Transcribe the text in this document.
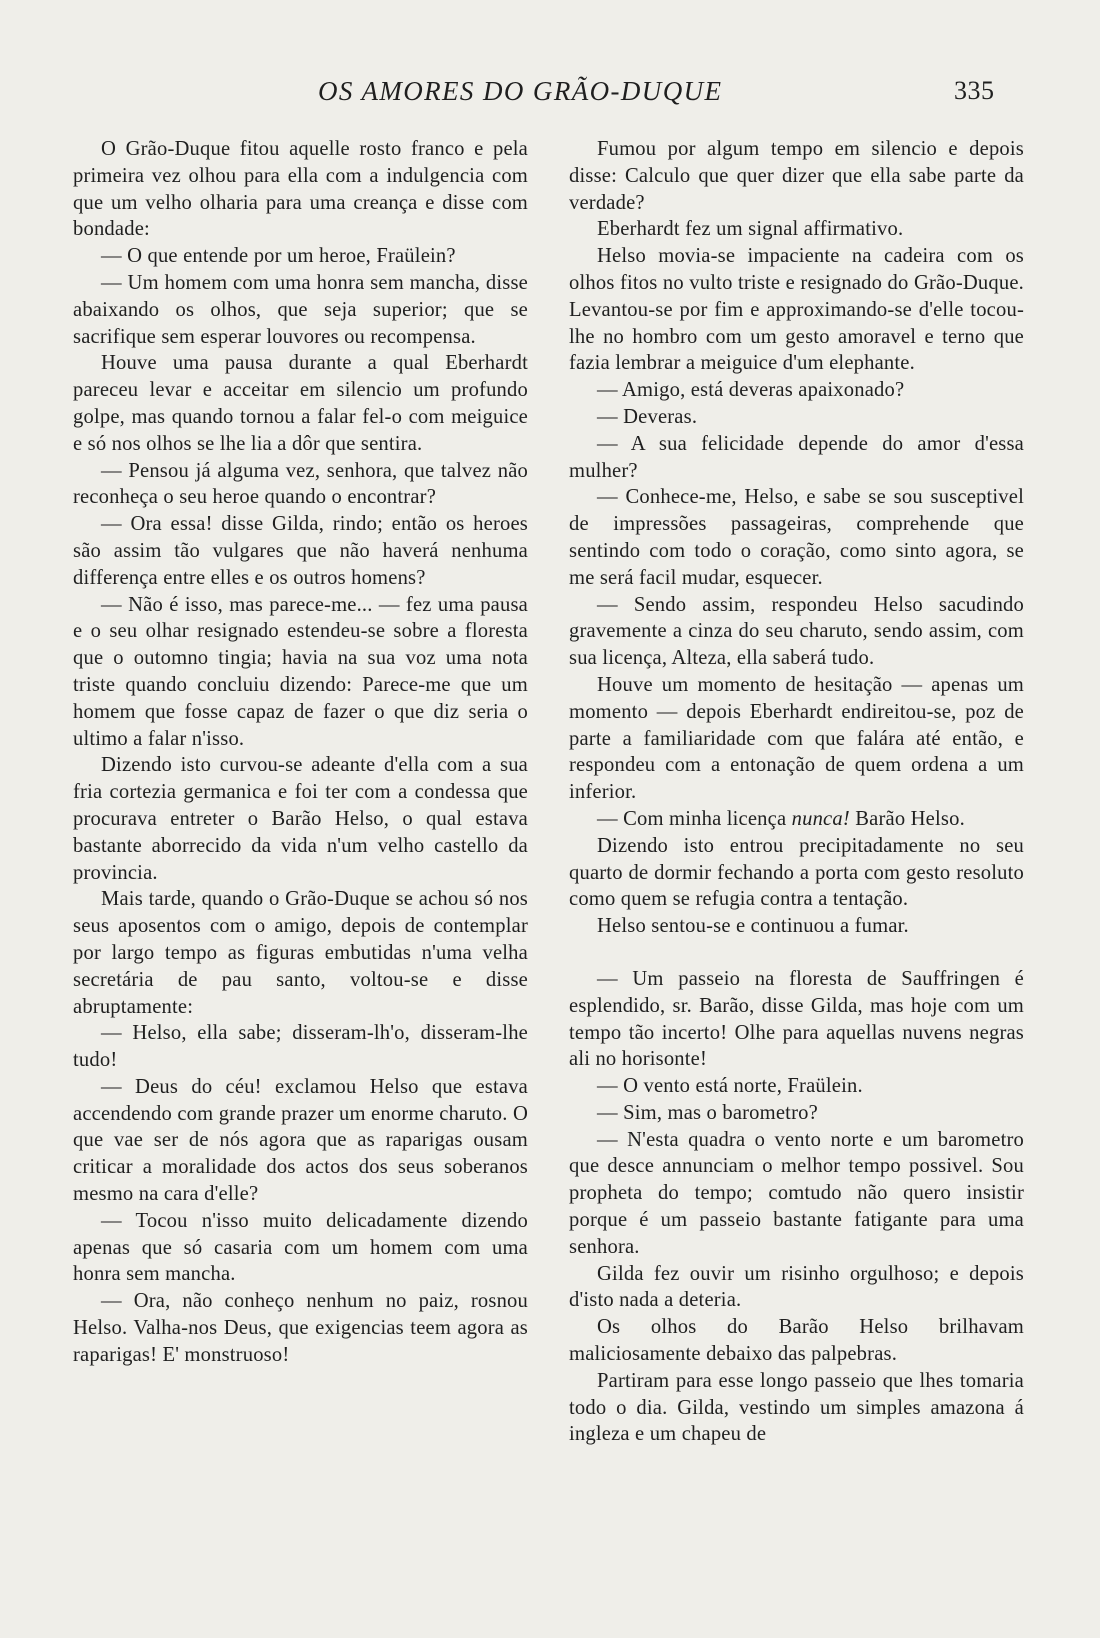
OS AMORES DO GRÃO-DUQUE	335

O Grão-Duque fitou aquelle rosto franco e pela primeira vez olhou para ella com a indulgencia com que um velho olharia para uma creança e disse com bondade:

— O que entende por um heroe, Fraülein?

— Um homem com uma honra sem mancha, disse abaixando os olhos, que seja superior; que se sacrifique sem esperar louvores ou recompensa.

Houve uma pausa durante a qual Eberhardt pareceu levar e acceitar em silencio um profundo golpe, mas quando tornou a falar fel-o com meiguice e só nos olhos se lhe lia a dôr que sentira.

— Pensou já alguma vez, senhora, que talvez não reconheça o seu heroe quando o encontrar?

— Ora essa! disse Gilda, rindo; então os heroes são assim tão vulgares que não haverá nenhuma differença entre elles e os outros homens?

— Não é isso, mas parece-me... — fez uma pausa e o seu olhar resignado estendeu-se sobre a floresta que o outomno tingia; havia na sua voz uma nota triste quando concluiu dizendo: Parece-me que um homem que fosse capaz de fazer o que diz seria o ultimo a falar n'isso.

Dizendo isto curvou-se adeante d'ella com a sua fria cortezia germanica e foi ter com a condessa que procurava entreter o Barão Helso, o qual estava bastante aborrecido da vida n'um velho castello da provincia.

Mais tarde, quando o Grão-Duque se achou só nos seus aposentos com o amigo, depois de contemplar por largo tempo as figuras embutidas n'uma velha secretária de pau santo, voltou-se e disse abruptamente:

— Helso, ella sabe; disseram-lh'o, disseram-lhe tudo!

— Deus do céu! exclamou Helso que estava accendendo com grande prazer um enorme charuto. O que vae ser de nós agora que as raparigas ousam criticar a moralidade dos actos dos seus soberanos mesmo na cara d'elle?

— Tocou n'isso muito delicadamente dizendo apenas que só casaria com um homem com uma honra sem mancha.

— Ora, não conheço nenhum no paiz, rosnou Helso. Valha-nos Deus, que exigencias teem agora as raparigas! E' monstruoso!

Fumou por algum tempo em silencio e depois disse: Calculo que quer dizer que ella sabe parte da verdade?

Eberhardt fez um signal affirmativo.

Helso movia-se impaciente na cadeira com os olhos fitos no vulto triste e resignado do Grão-Duque. Levantou-se por fim e approximando-se d'elle tocou-lhe no hombro com um gesto amoravel e terno que fazia lembrar a meiguice d'um elephante.

— Amigo, está deveras apaixonado?

— Deveras.

— A sua felicidade depende do amor d'essa mulher?

— Conhece-me, Helso, e sabe se sou susceptivel de impressões passageiras, comprehende que sentindo com todo o coração, como sinto agora, se me será facil mudar, esquecer.

— Sendo assim, respondeu Helso sacudindo gravemente a cinza do seu charuto, sendo assim, com sua licença, Alteza, ella saberá tudo.

Houve um momento de hesitação — apenas um momento — depois Eberhardt endireitou-se, poz de parte a familiaridade com que falára até então, e respondeu com a entonação de quem ordena a um inferior.

— Com minha licença nunca! Barão Helso.

Dizendo isto entrou precipitadamente no seu quarto de dormir fechando a porta com gesto resoluto como quem se refugia contra a tentação.

Helso sentou-se e continuou a fumar.

— Um passeio na floresta de Sauffringen é esplendido, sr. Barão, disse Gilda, mas hoje com um tempo tão incerto! Olhe para aquellas nuvens negras ali no horisonte!

— O vento está norte, Fraülein.

— Sim, mas o barometro?

— N'esta quadra o vento norte e um barometro que desce annunciam o melhor tempo possivel. Sou propheta do tempo; comtudo não quero insistir porque é um passeio bastante fatigante para uma senhora.

Gilda fez ouvir um risinho orgulhoso; e depois d'isto nada a deteria.

Os olhos do Barão Helso brilhavam maliciosamente debaixo das palpebras.

Partiram para esse longo passeio que lhes tomaria todo o dia. Gilda, vestindo um simples amazona á ingleza e um chapeu de
